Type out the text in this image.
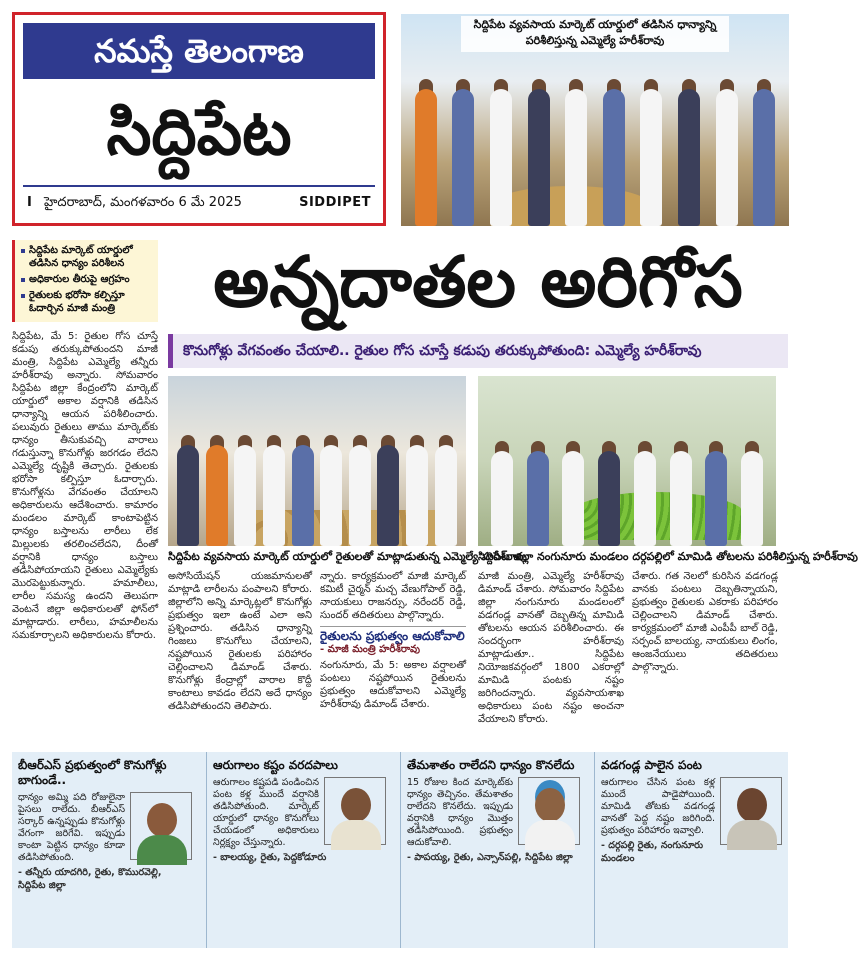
నమస్తే తెలంగాణ
సిద్దిపేట
I హైదరాబాద్, మంగళవారం 6 మే 2025	SIDDIPET
సిద్దిపేట వ్యవసాయ మార్కెట్ యార్డులో తడిసిన ధాన్యాన్ని పరిశీలిస్తున్న ఎమ్మెల్యే హరీశ్‌రావు
సిద్దిపేట మార్కెట్ యార్డులో తడిసిన ధాన్యం పరిశీలన
అధికారుల తీరుపై ఆగ్రహం
రైతులకు భరోసా కల్పిస్తూ ఓదార్చిన మాజీ మంత్రి	అన్నదాతల అరిగోస
కొనుగోళ్లు వేగవంతం చేయాలి.. రైతుల గోస చూస్తే కడుపు తరుక్కుపోతుంది: ఎమ్మెల్యే హరీశ్‌రావు
సిద్దిపేట వ్యవసాయ మార్కెట్ యార్డులో రైతులతో మాట్లాడుతున్న ఎమ్మెల్యే హరీశ్‌రావు
సిద్దిపేట జిల్లా నంగునూరు మండలం దర్గపల్లిలో మామిడి తోటలను పరిశీలిస్తున్న హరీశ్‌రావు

సిద్దిపేట, మే 5: రైతుల గోస చూస్తే కడుపు తరుక్కుపోతుందని మాజీ మంత్రి, సిద్దిపేట ఎమ్మెల్యే తన్నీరు హరీశ్‌రావు అన్నారు. సోమవారం సిద్దిపేట జిల్లా కేంద్రంలోని మార్కెట్ యార్డులో అకాల వర్షానికి తడిసిన ధాన్యాన్ని ఆయన పరిశీలించారు. పలువురు రైతులు తాము మార్కెట్‌కు ధాన్యం తీసుకువచ్చి వారాలు గడుస్తున్నా కొనుగోళ్లు జరగడం లేదని ఎమ్మెల్యే దృష్టికి తెచ్చారు. రైతులకు భరోసా కల్పిస్తూ ఓదార్చారు. కొనుగోళ్లను వేగవంతం చేయాలని అధికారులను ఆదేశించారు. కామారం మండలం మార్కెట్ కాంటాపెట్టిన ధాన్యం బస్తాలను లారీలు లేక మిల్లులకు తరలించలేదని, దీంతో వర్షానికి ధాన్యం బస్తాలు తడిసిపోయాయని రైతులు ఎమ్మెల్యేకు మొరపెట్టుకున్నారు. హమాలీలు, లారీల సమస్య ఉందని తెలుపగా వెంటనే జిల్లా అధికారులతో ఫోన్‌లో మాట్లాడారు. లారీలు, హమాలీలను సమకూర్చాలని అధికారులను కోరారు.

అసోసియేషన్ యజమానులతో మాట్లాడి లారీలను పంపాలని కోరారు. జిల్లాలోని అన్ని మార్కెట్లలో కొనుగోళ్లు ప్రభుత్వం ఇలా ఉంటే ఎలా అని ప్రశ్నించారు. తడిసిన ధాన్యాన్ని గింజలు కొనుగోలు చేయాలని, నష్టపోయిన రైతులకు పరిహారం చెల్లించాలని డిమాండ్ చేశారు. కొనుగోళ్లు కేంద్రాల్లో వారాల కొద్దీ కాంటాలు కావడం లేదని అదే ధాన్యం తడిసిపోతుందని తెలిపారు.

న్నారు. కార్యక్రమంలో మాజీ మార్కెట్ కమిటీ చైర్మన్ మచ్చ వేణుగోపాల్ రెడ్డి, నాయకులు రాజనర్సు, నరేందర్ రెడ్డి, సుందర్ తదితరులు పాల్గొన్నారు.

రైతులను ప్రభుత్వం ఆదుకోవాలి
- మాజీ మంత్రి హరీశ్‌రావు

నంగునూరు, మే 5: అకాల వర్షాలతో పంటలు నష్టపోయిన రైతులను ప్రభుత్వం ఆదుకోవాలని ఎమ్మెల్యే హరీశ్‌రావు డిమాండ్ చేశారు.

మాజీ మంత్రి, ఎమ్మెల్యే హరీశ్‌రావు డిమాండ్ చేశారు. సోమవారం సిద్దిపేట జిల్లా నంగునూరు మండలంలో వడగండ్ల వానతో దెబ్బతిన్న మామిడి తోటలను ఆయన పరిశీలించారు. ఈ సందర్భంగా హరీశ్‌రావు మాట్లాడుతూ.. సిద్దిపేట నియోజకవర్గంలో 1800 ఎకరాల్లో మామిడి పంటకు నష్టం జరిగిందన్నారు. వ్యవసాయశాఖ అధికారులు పంట నష్టం అంచనా వేయాలని కోరారు.

చేశారు. గత నెలలో కురిసిన వడగండ్ల వానకు పంటలు దెబ్బతిన్నాయని, ప్రభుత్వం రైతులకు ఎకరాకు పరిహారం చెల్లించాలని డిమాండ్ చేశారు. కార్యక్రమంలో మాజీ ఎంపీపీ బాల్ రెడ్డి, సర్పంచ్ బాలయ్య, నాయకులు లింగం, ఆంజనేయులు తదితరులు పాల్గొన్నారు.

బీఆర్‌ఎస్ ప్రభుత్వంలో కొనుగోళ్లు బాగుండే..
ధాన్యం అమ్మి పది రోజులైనా పైసలు రాలేదు. బీఆర్‌ఎస్ సర్కార్ ఉన్నప్పుడు కొనుగోళ్లు వేగంగా జరిగేవి. ఇప్పుడు కాంటా పెట్టిన ధాన్యం కూడా తడిసిపోతుంది.
- తన్నీరు యాదగిరి, రైతు, కొమురవెల్లి, సిద్దిపేట జిల్లా
ఆరుగాలం కష్టం వరదపాలు
ఆరుగాలం కష్టపడి పండించిన పంట కళ్ల ముందే వర్షానికి తడిసిపోతుంది. మార్కెట్ యార్డులో ధాన్యం కొనుగోలు చేయడంలో అధికారులు నిర్లక్ష్యం చేస్తున్నారు.
- బాలయ్య, రైతు, పెద్దకోడూరు
తేమశాతం రాలేదని ధాన్యం కొనలేదు
15 రోజుల కింద మార్కెట్‌కు ధాన్యం తెచ్చినం. తేమశాతం రాలేదని కొనలేదు. ఇప్పుడు వర్షానికి ధాన్యం మొత్తం తడిసిపోయింది. ప్రభుత్వం ఆదుకోవాలి.
- పాపయ్య, రైతు, ఎన్సాన్‌పల్లి, సిద్దిపేట జిల్లా
వడగండ్ల పాలైన పంట
ఆరుగాలం చేసిన పంట కళ్ల ముందే పాడైపోయింది. మామిడి తోటకు వడగండ్ల వానతో పెద్ద నష్టం జరిగింది. ప్రభుత్వం పరిహారం ఇవ్వాలి.
- దర్గపల్లి రైతు, నంగునూరు మండలం
